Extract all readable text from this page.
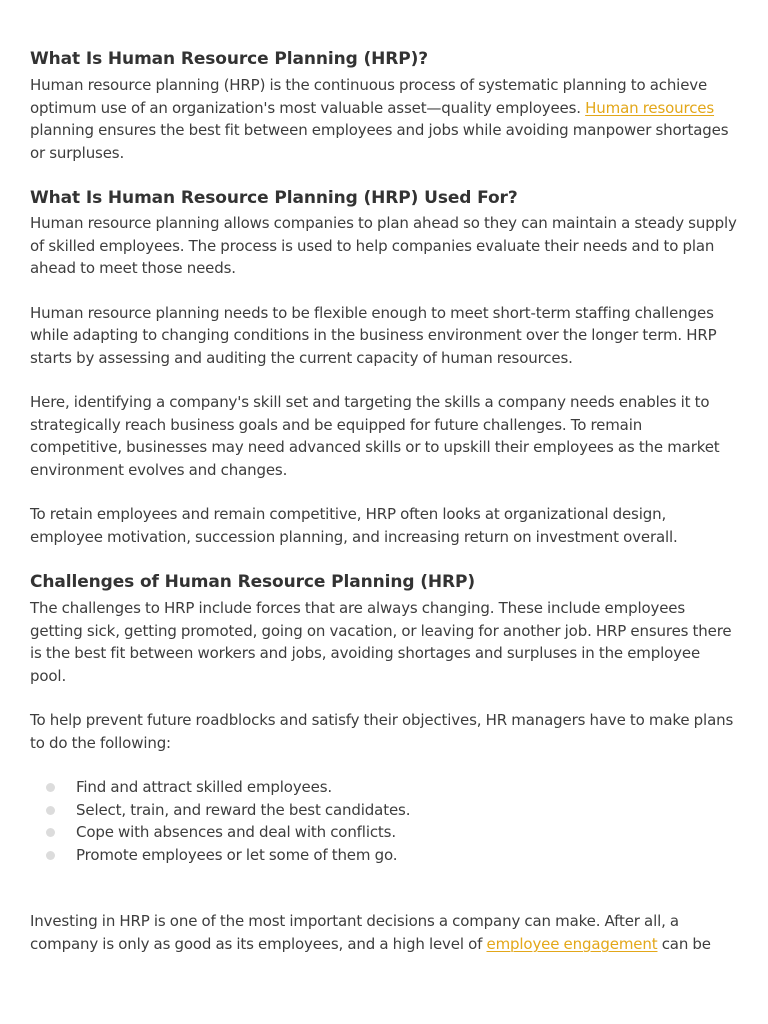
What Is Human Resource Planning (HRP)?

Human resource planning (HRP) is the continuous process of systematic planning to achieve optimum use of an organization's most valuable asset—quality employees. Human resources planning ensures the best fit between employees and jobs while avoiding manpower shortages or surpluses.

What Is Human Resource Planning (HRP) Used For?

Human resource planning allows companies to plan ahead so they can maintain a steady supply of skilled employees. The process is used to help companies evaluate their needs and to plan ahead to meet those needs.

Human resource planning needs to be flexible enough to meet short-term staffing challenges while adapting to changing conditions in the business environment over the longer term. HRP starts by assessing and auditing the current capacity of human resources.

Here, identifying a company's skill set and targeting the skills a company needs enables it to strategically reach business goals and be equipped for future challenges. To remain competitive, businesses may need advanced skills or to upskill their employees as the market environment evolves and changes.

To retain employees and remain competitive, HRP often looks at organizational design, employee motivation, succession planning, and increasing return on investment overall.

Challenges of Human Resource Planning (HRP)

The challenges to HRP include forces that are always changing. These include employees getting sick, getting promoted, going on vacation, or leaving for another job. HRP ensures there is the best fit between workers and jobs, avoiding shortages and surpluses in the employee pool.

To help prevent future roadblocks and satisfy their objectives, HR managers have to make plans to do the following:

Find and attract skilled employees.
Select, train, and reward the best candidates.
Cope with absences and deal with conflicts.
Promote employees or let some of them go.

Investing in HRP is one of the most important decisions a company can make. After all, a company is only as good as its employees, and a high level of employee engagement can be
